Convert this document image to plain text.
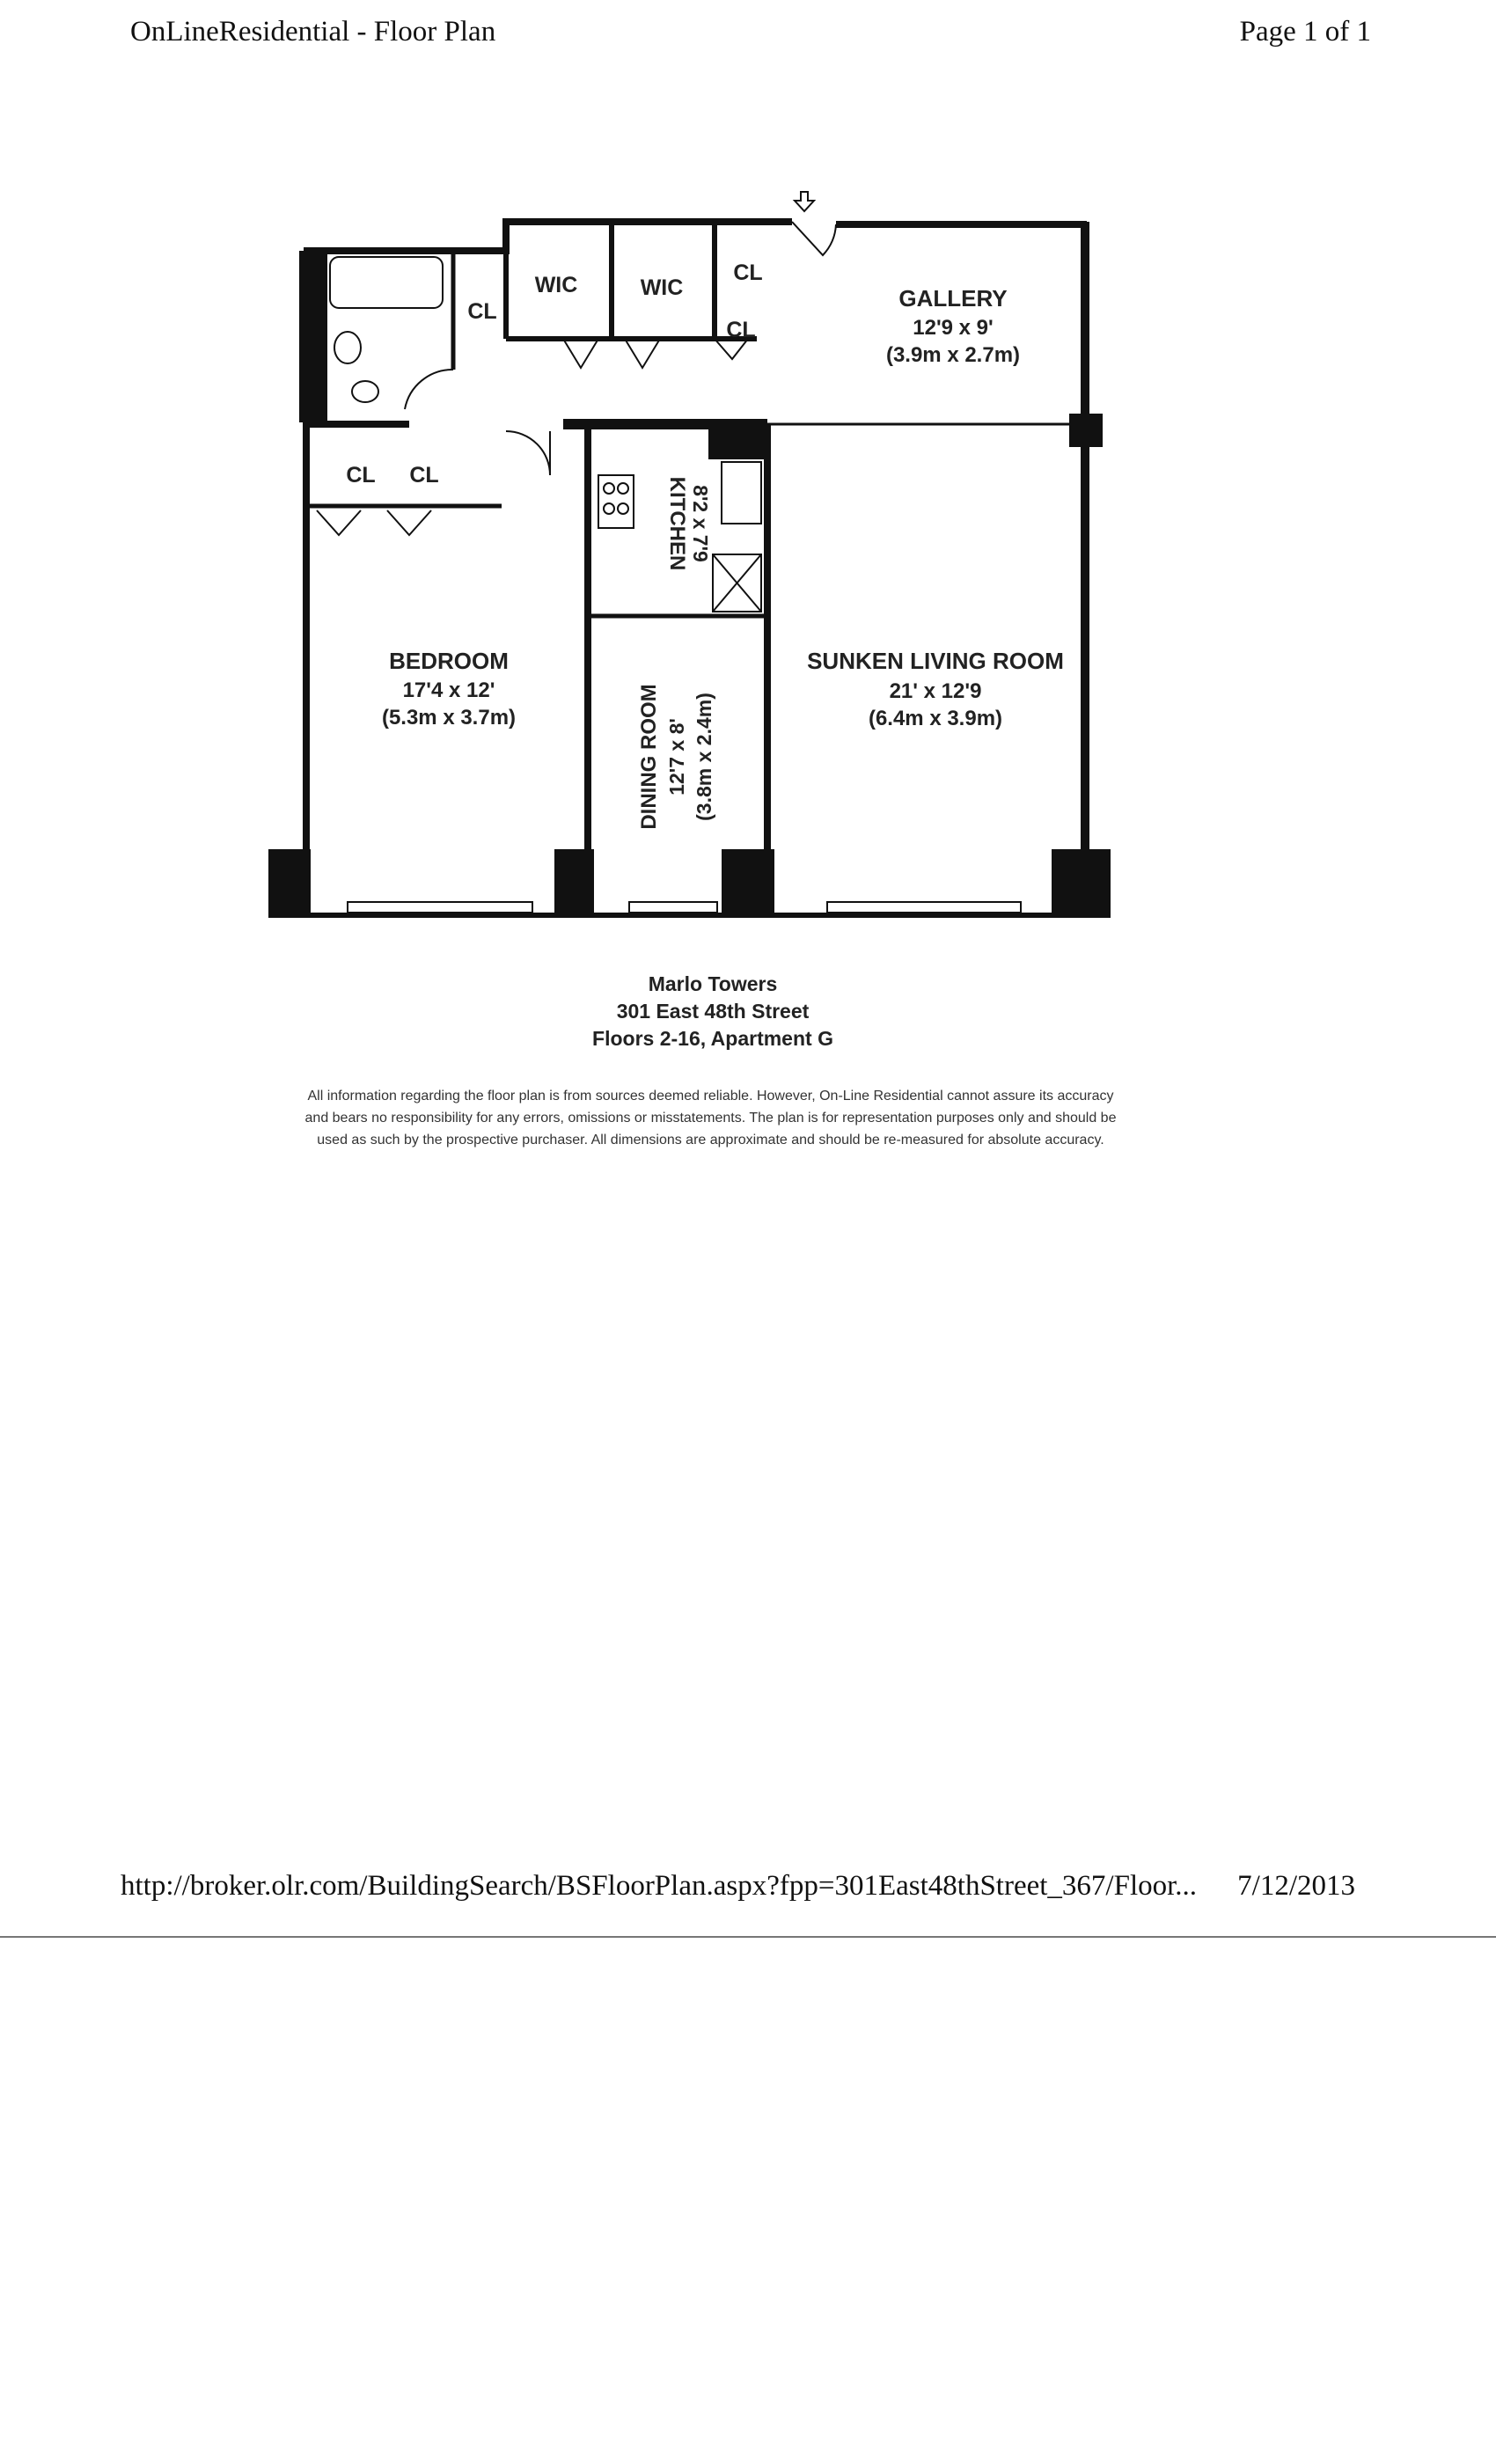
OnLineResidential - Floor Plan	Page 1 of 1
WIC	WIC
CL
CL
CL
CL CL
GALLERY
12'9 x 9'
(3.9m x 2.7m)
BEDROOM
17'4 x 12'
(5.3m x 3.7m)
SUNKEN LIVING ROOM
21' x 12'9
(6.4m x 3.9m)
KITCHEN 8'2 x 7'9
DINING ROOM 12'7 x 8' (3.8m x 2.4m)
Marlo Towers
301 East 48th Street
Floors 2-16, Apartment G
All information regarding the floor plan is from sources deemed reliable. However, On-Line Residential cannot assure its accuracy
and bears no responsibility for any errors, omissions or misstatements. The plan is for representation purposes only and should be
used as such by the prospective purchaser. All dimensions are approximate and should be re-measured for absolute accuracy.
http://broker.olr.com/BuildingSearch/BSFloorPlan.aspx?fpp=301East48thStreet_367/Floor... 7/12/2013
